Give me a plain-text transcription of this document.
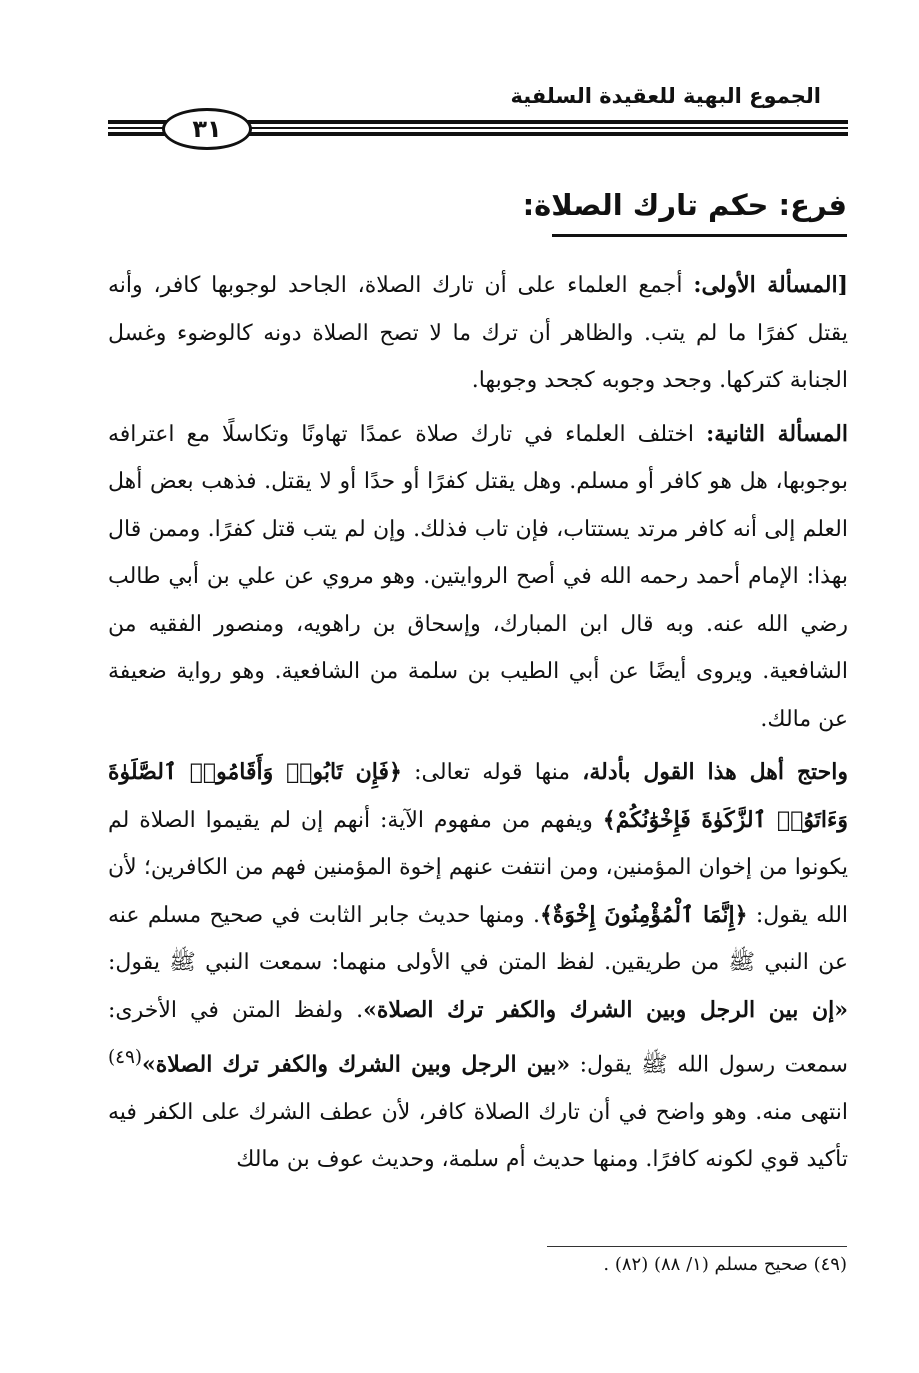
الجموع البهية للعقيدة السلفية
٣١
فرع: حكم تارك الصلاة:

[المسألة الأولى: أجمع العلماء على أن تارك الصلاة، الجاحد لوجوبها كافر، وأنه يقتل كفرًا ما لم يتب. والظاهر أن ترك ما لا تصح الصلاة دونه كالوضوء وغسل الجنابة كتركها. وجحد وجوبه كجحد وجوبها.

المسألة الثانية: اختلف العلماء في تارك صلاة عمدًا تهاونًا وتكاسلًا مع اعترافه بوجوبها، هل هو كافر أو مسلم. وهل يقتل كفرًا أو حدًا أو لا يقتل. فذهب بعض أهل العلم إلى أنه كافر مرتد يستتاب، فإن تاب فذلك. وإن لم يتب قتل كفرًا. وممن قال بهذا: الإمام أحمد رحمه الله في أصح الروايتين. وهو مروي عن علي بن أبي طالب رضي الله عنه. وبه قال ابن المبارك، وإسحاق بن راهويه، ومنصور الفقيه من الشافعية. ويروى أيضًا عن أبي الطيب بن سلمة من الشافعية. وهو رواية ضعيفة عن مالك.

واحتج أهل هذا القول بأدلة، منها قوله تعالى: ﴿فَإِن تَابُوا۟ وَأَقَامُوا۟ ٱلصَّلَوٰةَ وَءَاتَوُا۟ ٱلزَّكَوٰةَ فَإِخْوَٰنُكُمْ﴾ ويفهم من مفهوم الآية: أنهم إن لم يقيموا الصلاة لم يكونوا من إخوان المؤمنين، ومن انتفت عنهم إخوة المؤمنين فهم من الكافرين؛ لأن الله يقول: ﴿إِنَّمَا ٱلْمُؤْمِنُونَ إِخْوَةٌ﴾. ومنها حديث جابر الثابت في صحيح مسلم عنه عن النبي ﷺ من طريقين. لفظ المتن في الأولى منهما: سمعت النبي ﷺ يقول: «إن بين الرجل وبين الشرك والكفر ترك الصلاة». ولفظ المتن في الأخرى: سمعت رسول الله ﷺ يقول: «بين الرجل وبين الشرك والكفر ترك الصلاة»$^{(٤٩)}$ انتهى منه. وهو واضح في أن تارك الصلاة كافر، لأن عطف الشرك على الكفر فيه تأكيد قوي لكونه كافرًا. ومنها حديث أم سلمة، وحديث عوف بن مالك

(٤٩) صحيح مسلم (١/ ٨٨) (٨٢) .
